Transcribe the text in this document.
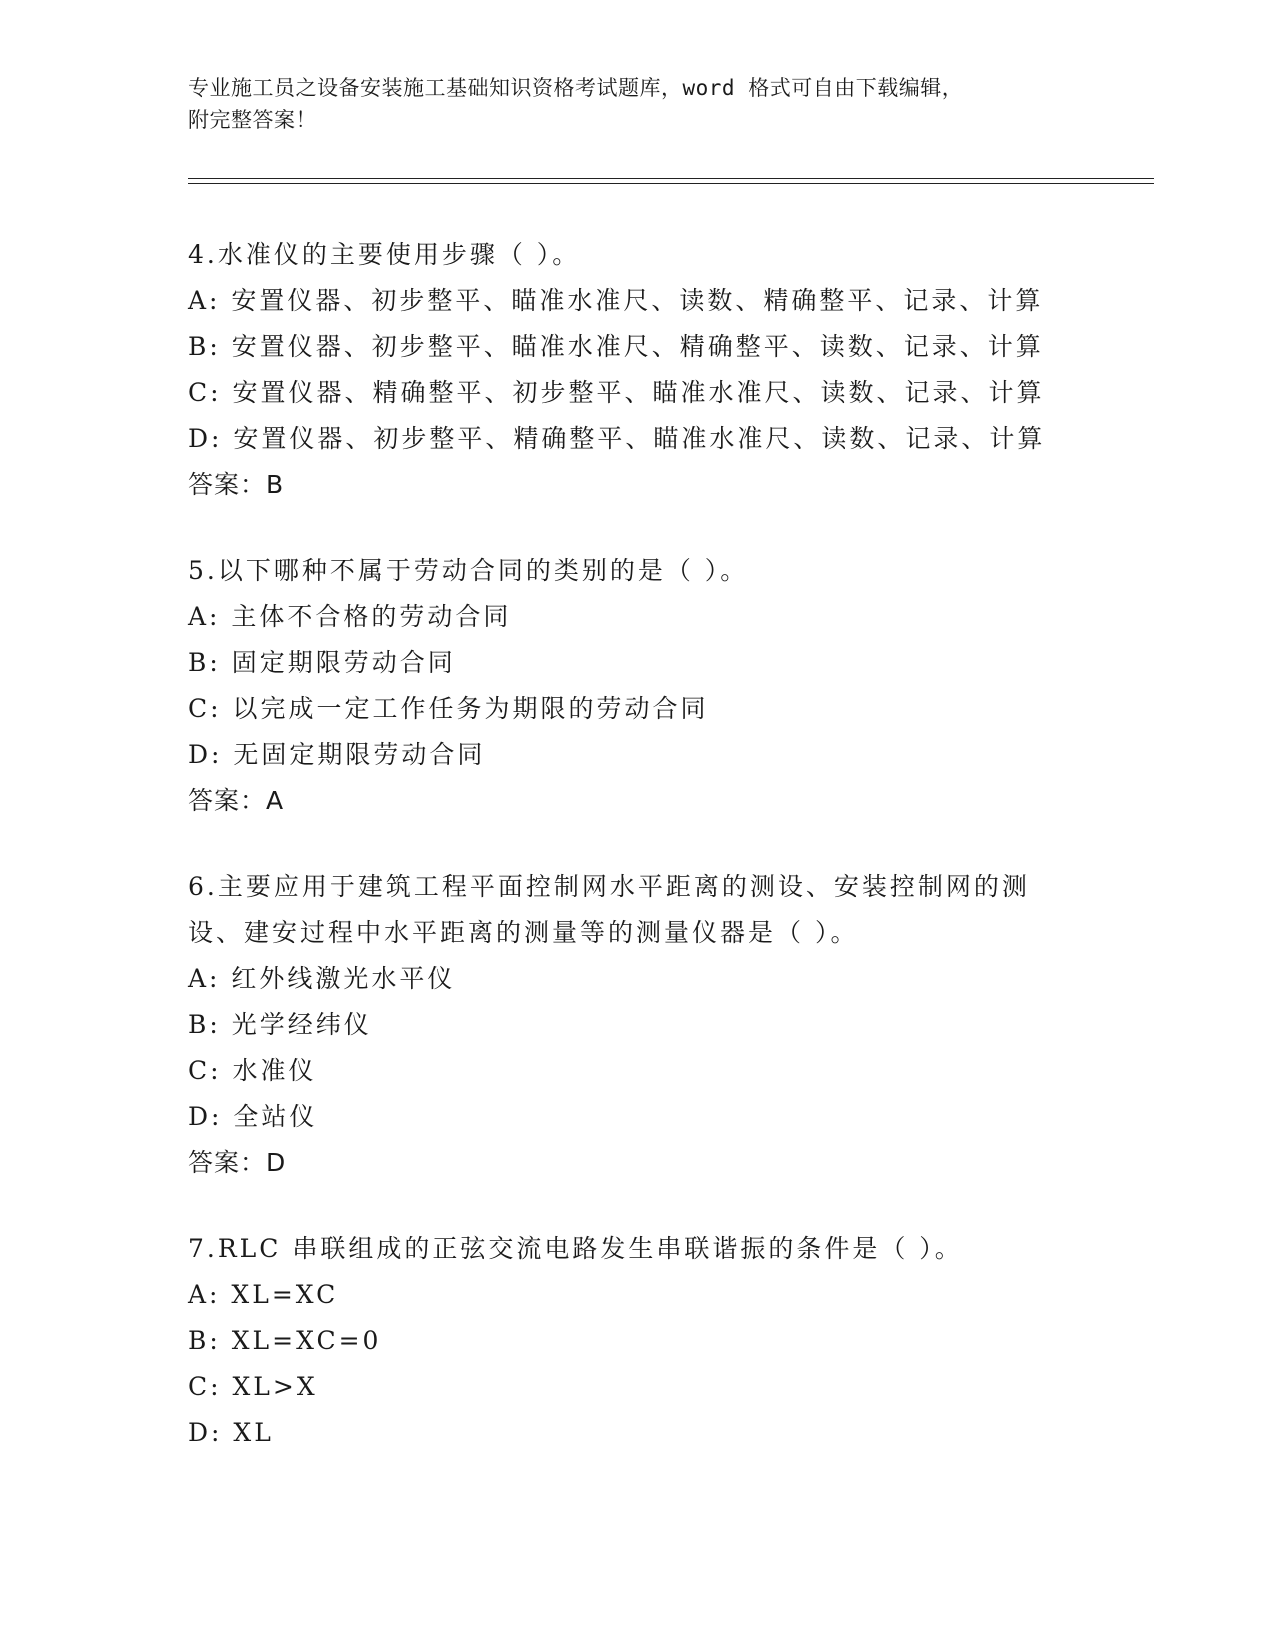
专业施工员之设备安装施工基础知识资格考试题库，word 格式可自由下载编辑，
附完整答案！
4.水准仪的主要使用步骤（ ）。
A: 安置仪器、初步整平、瞄准水准尺、读数、精确整平、记录、计算
B: 安置仪器、初步整平、瞄准水准尺、精确整平、读数、记录、计算
C: 安置仪器、精确整平、初步整平、瞄准水准尺、读数、记录、计算
D: 安置仪器、初步整平、精确整平、瞄准水准尺、读数、记录、计算
答案：B
5.以下哪种不属于劳动合同的类别的是（ ）。
A: 主体不合格的劳动合同
B: 固定期限劳动合同
C: 以完成一定工作任务为期限的劳动合同
D: 无固定期限劳动合同
答案：A
6.主要应用于建筑工程平面控制网水平距离的测设、安装控制网的测
设、建安过程中水平距离的测量等的测量仪器是（ ）。
A: 红外线激光水平仪
B: 光学经纬仪
C: 水准仪
D: 全站仪
答案：D
7.RLC 串联组成的正弦交流电路发生串联谐振的条件是（ ）。
A: XL=XC
B: XL=XC=0
C: XL>X
D: XL
